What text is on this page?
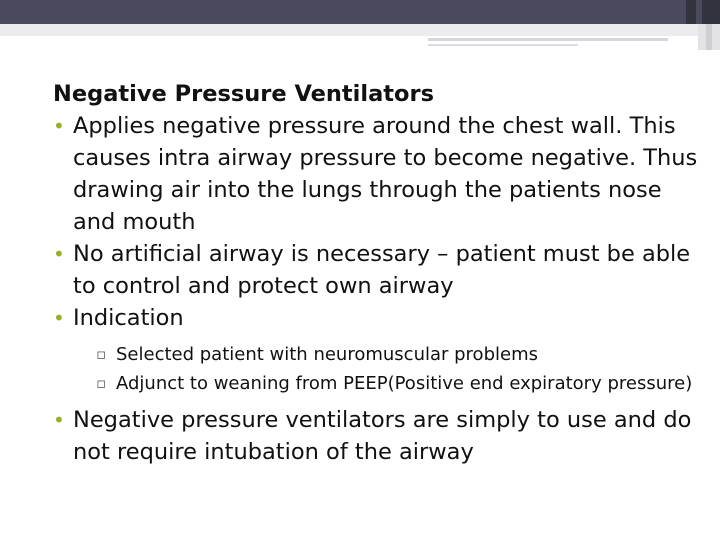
Negative Pressure Ventilators
• Applies negative pressure around the chest wall. This causes intra airway pressure to become negative. Thus drawing air into the lungs through the patients nose and mouth
• No artificial airway is necessary – patient must be able to control and protect own airway
• Indication
▫ Selected patient with neuromuscular problems
▫ Adjunct to weaning from PEEP(Positive end expiratory pressure)
• Negative pressure ventilators are simply to use and do not require intubation of the airway
